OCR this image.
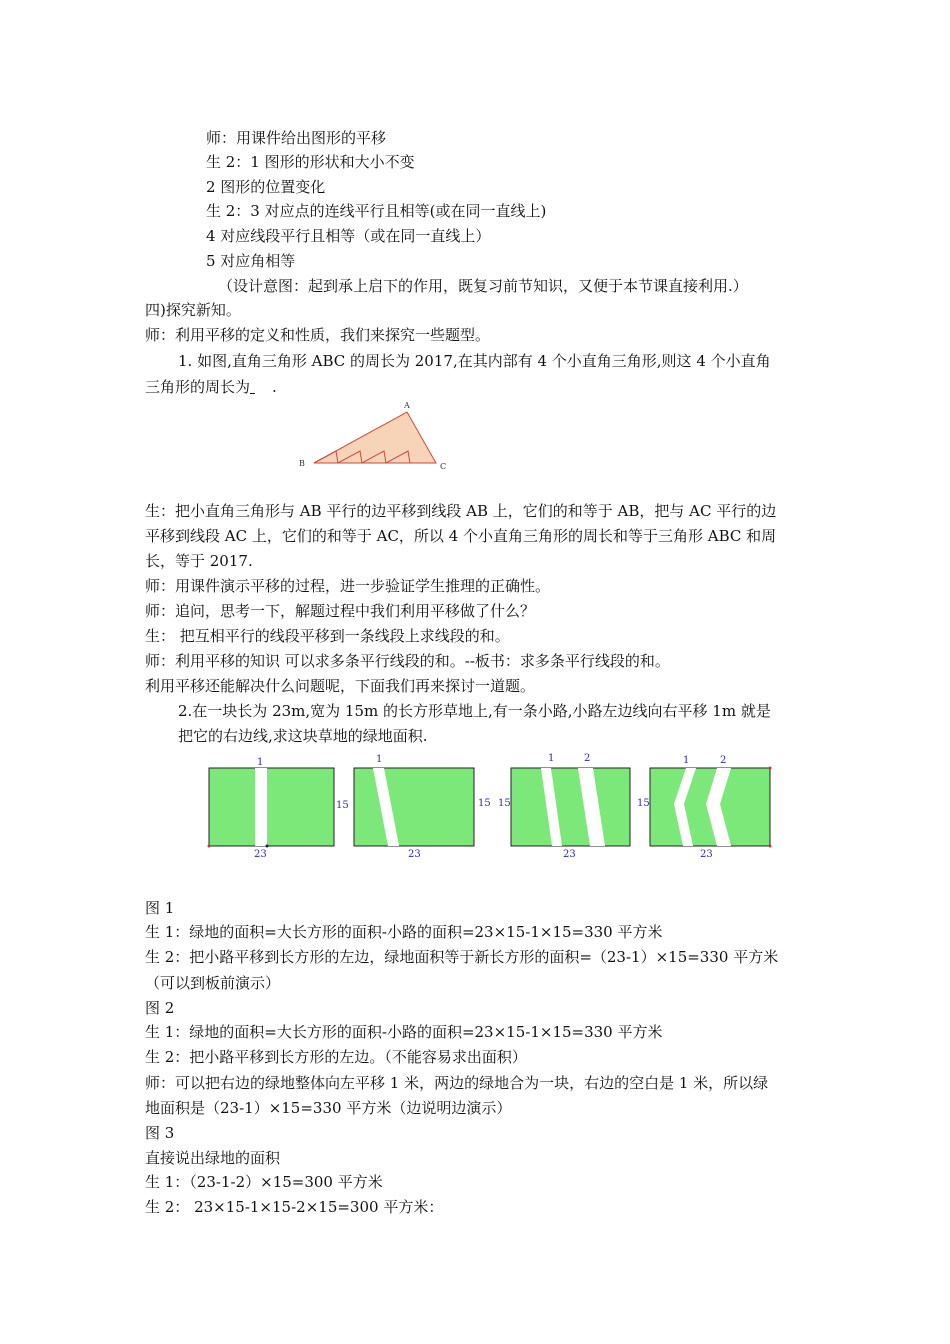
师：用课件给出图形的平移
生 2：1 图形的形状和大小不变
2 图形的位置变化
生 2：3 对应点的连线平行且相等(或在同一直线上)
4 对应线段平行且相等（或在同一直线上）
5 对应角相等
（设计意图：起到承上启下的作用，既复习前节知识，又便于本节课直接利用.）
四)探究新知。
师：利用平移的定义和性质，我们来探究一些题型。
1. 如图,直角三角形 ABC 的周长为 2017,在其内部有 4 个小直角三角形,则这 4 个小直角
三角形的周长为 .
A
B	C
生：把小直角三角形与 AB 平行的边平移到线段 AB 上，它们的和等于 AB，把与 AC 平行的边
平移到线段 AC 上，它们的和等于 AC，所以 4 个小直角三角形的周长和等于三角形 ABC 和周
长，等于 2017.
师：用课件演示平移的过程，进一步验证学生推理的正确性。
师：追问，思考一下，解题过程中我们利用平移做了什么？
生： 把互相平行的线段平移到一条线段上求线段的和。
师：利用平移的知识 可以求多条平行线段的和。--板书：求多条平行线段的和。
利用平移还能解决什么问题呢，下面我们再来探讨一道题。
2.在一块长为 23m,宽为 15m 的长方形草地上,有一条小路,小路左边线向右平移 1m 就是
把它的右边线,求这块草地的绿地面积.
1
15
23
1
15
23
1	2
15
23
1	2
15
23
图 1
生 1：绿地的面积=大长方形的面积-小路的面积=23×15-1×15=330 平方米
生 2：把小路平移到长方形的左边，绿地面积等于新长方形的面积=（23-1）×15=330 平方米
（可以到板前演示）
图 2
生 1：绿地的面积=大长方形的面积-小路的面积=23×15-1×15=330 平方米
生 2：把小路平移到长方形的左边。（不能容易求出面积）
师：可以把右边的绿地整体向左平移 1 米，两边的绿地合为一块，右边的空白是 1 米，所以绿
地面积是（23-1）×15=330 平方米（边说明边演示）
图 3
直接说出绿地的面积
生 1：（23-1-2）×15=300 平方米
生 2： 23×15-1×15-2×15=300 平方米：
